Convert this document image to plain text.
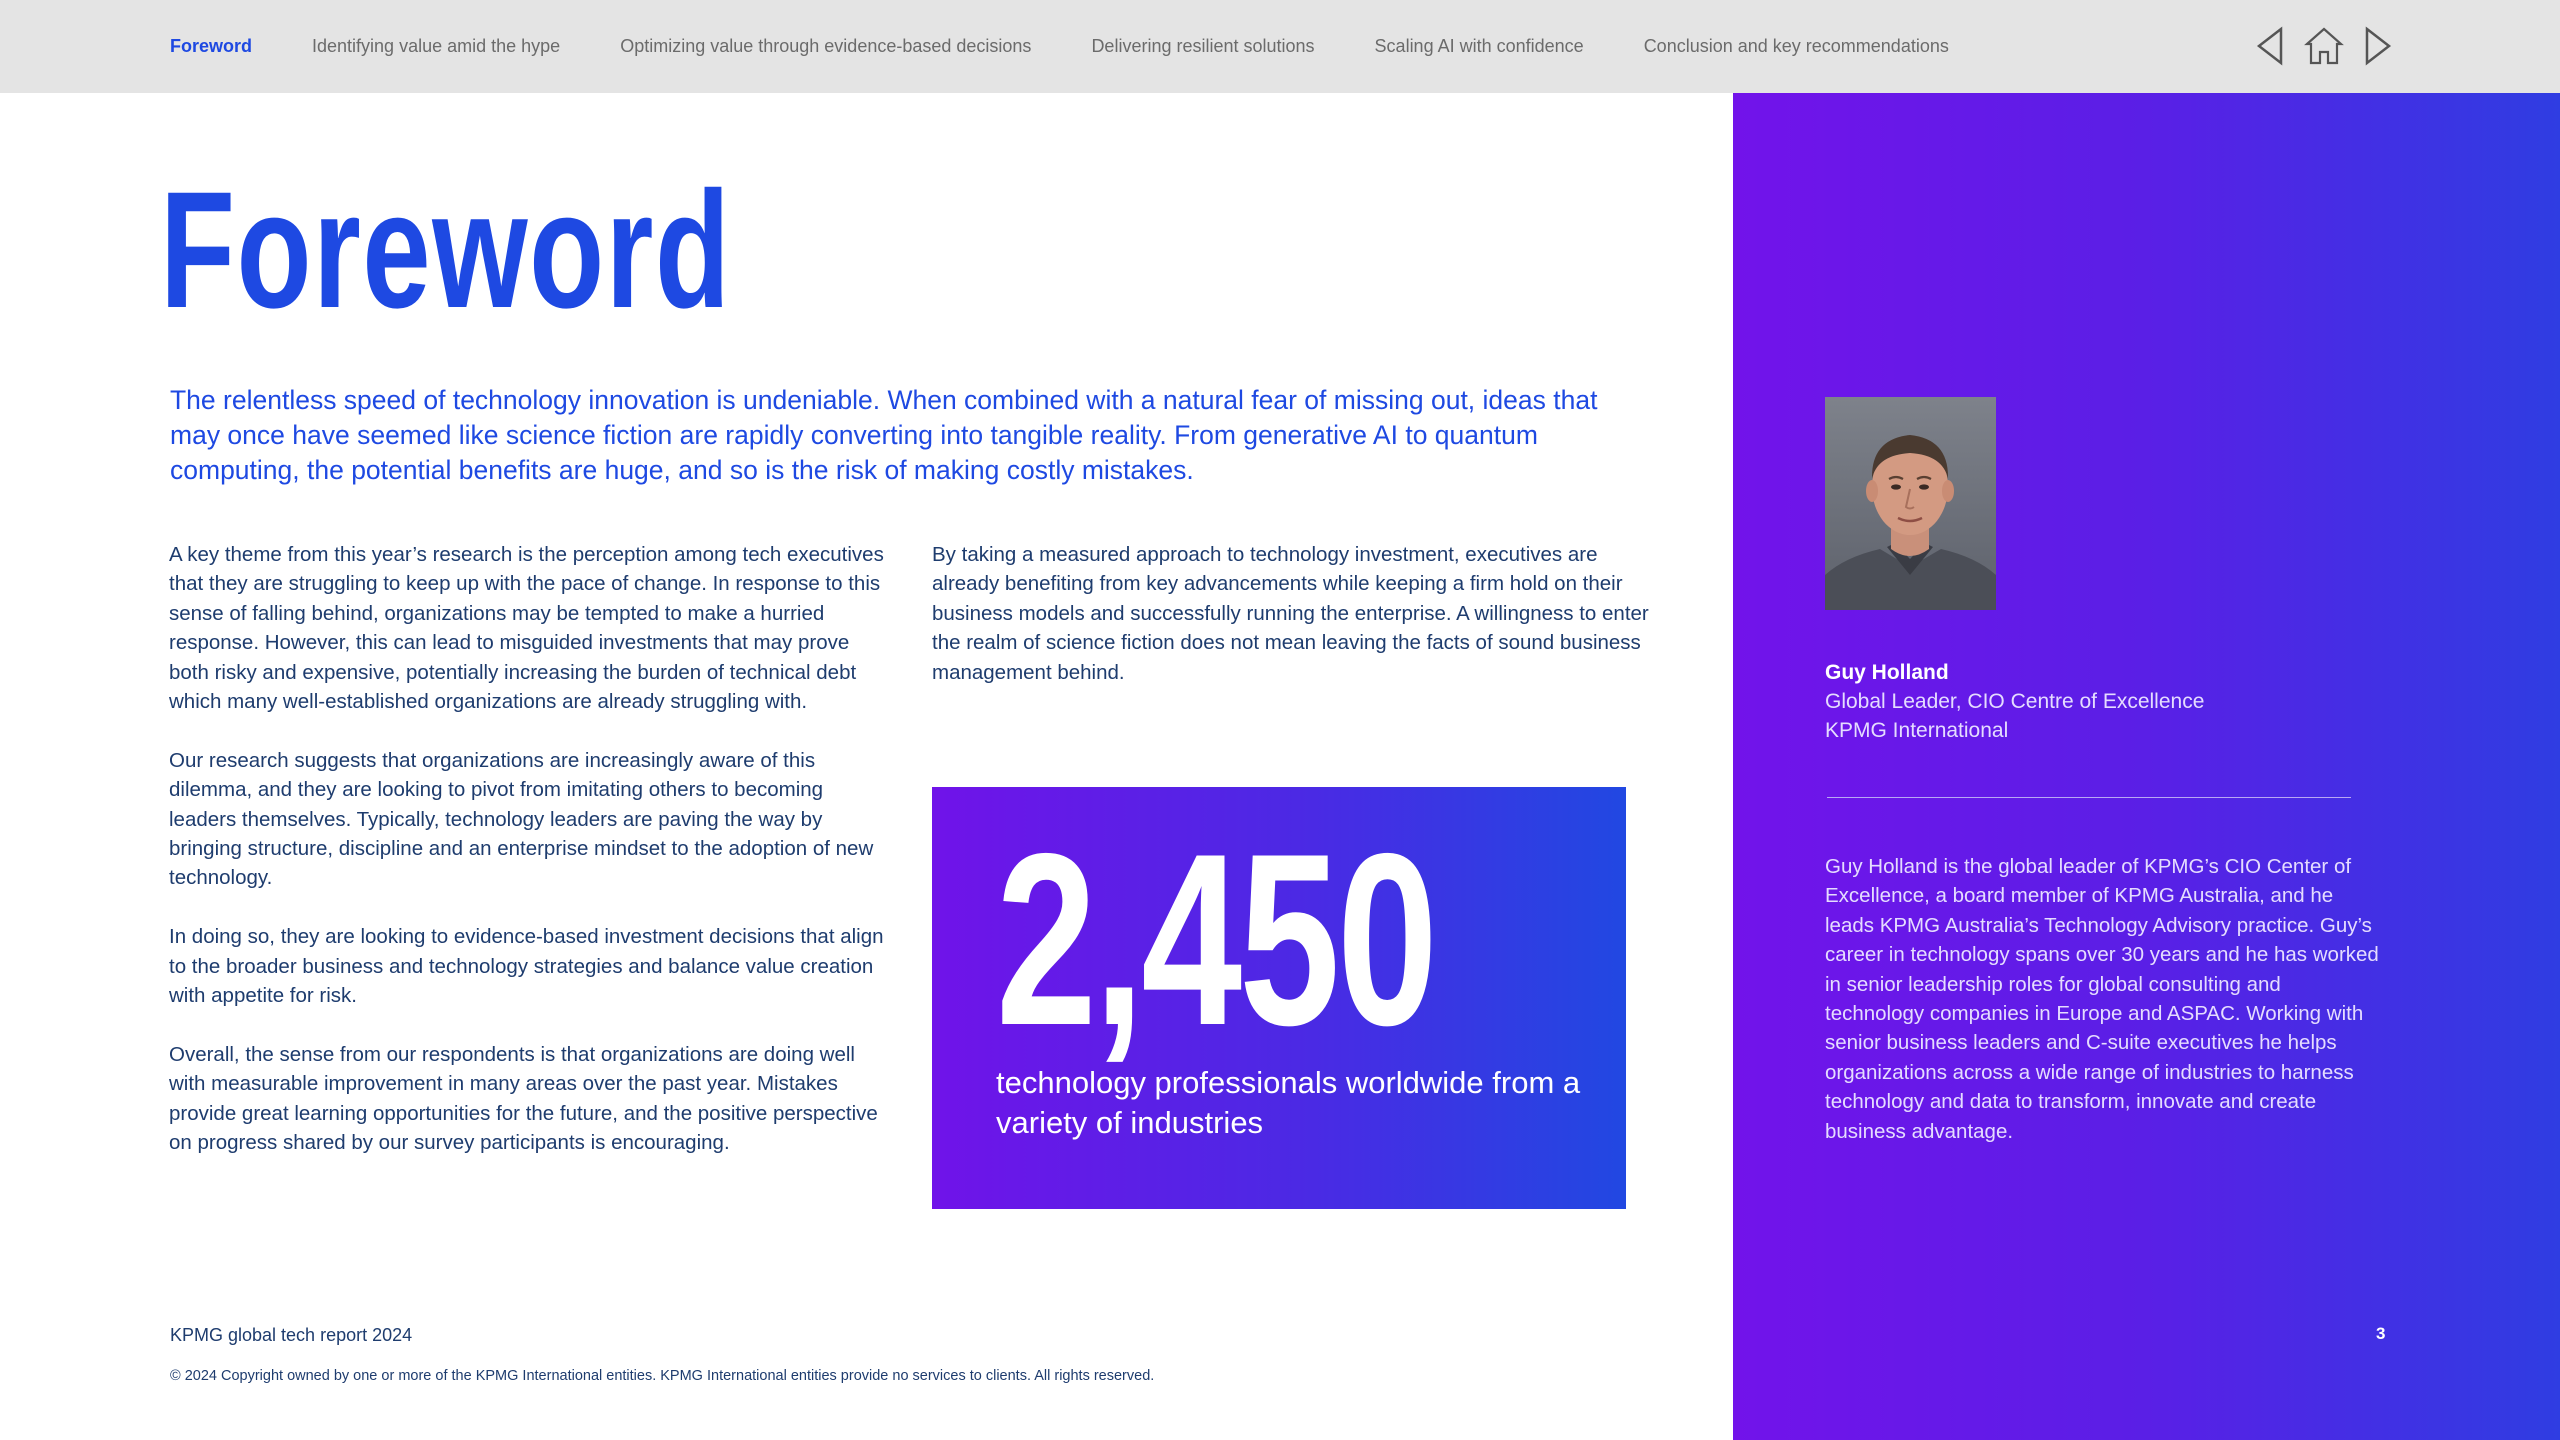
Foreword	Identifying value amid the hype	Optimizing value through evidence-based decisions	Delivering resilient solutions	Scaling AI with confidence	Conclusion and key recommendations
Foreword
The relentless speed of technology innovation is undeniable. When combined with a natural fear of missing out, ideas that may once have seemed like science fiction are rapidly converting into tangible reality. From generative AI to quantum computing, the potential benefits are huge, and so is the risk of making costly mistakes.

A key theme from this year’s research is the perception among tech executives that they are struggling to keep up with the pace of change. In response to this sense of falling behind, organizations may be tempted to make a hurried response. However, this can lead to misguided investments that may prove both risky and expensive, potentially increasing the burden of technical debt which many well-established organizations are already struggling with.

Our research suggests that organizations are increasingly aware of this dilemma, and they are looking to pivot from imitating others to becoming leaders themselves. Typically, technology leaders are paving the way by bringing structure, discipline and an enterprise mindset to the adoption of new technology.

In doing so, they are looking to evidence-based investment decisions that align to the broader business and technology strategies and balance value creation with appetite for risk.

Overall, the sense from our respondents is that organizations are doing well with measurable improvement in many areas over the past year. Mistakes provide great learning opportunities for the future, and the positive perspective on progress shared by our survey participants is encouraging.

By taking a measured approach to technology investment, executives are already benefiting from key advancements while keeping a firm hold on their business models and successfully running the enterprise. A willingness to enter the realm of science fiction does not mean leaving the facts of sound business management behind.

2,450
technology professionals worldwide from a variety of industries
Guy Holland
Global Leader, CIO Centre of Excellence
KPMG International
Guy Holland is the global leader of KPMG’s CIO Center of Excellence, a board member of KPMG Australia, and he leads KPMG Australia’s Technology Advisory practice. Guy’s career in technology spans over 30 years and he has worked in senior leadership roles for global consulting and technology companies in Europe and ASPAC. Working with senior business leaders and C-suite executives he helps organizations across a wide range of industries to harness technology and data to transform, innovate and create business advantage.
3
KPMG global tech report 2024
© 2024 Copyright owned by one or more of the KPMG International entities. KPMG International entities provide no services to clients. All rights reserved.
